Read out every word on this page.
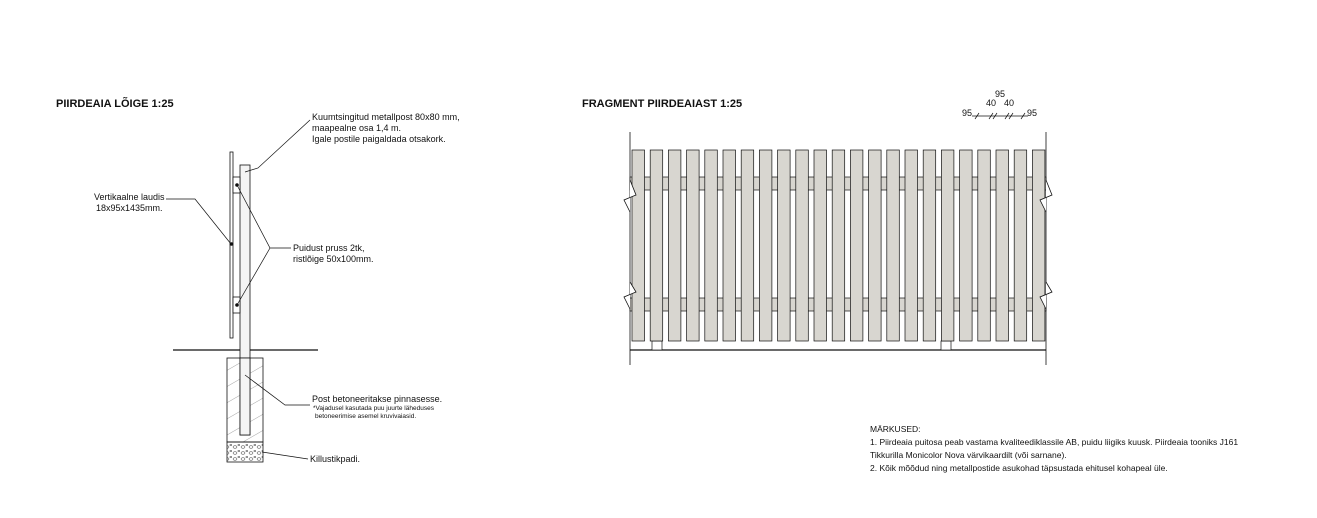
PIIRDEAIA LÕIGE 1:25
Kuumtsingitud metallpost 80x80 mm,
maapealne osa 1,4 m.
Igale postile paigaldada otsakork.
Vertikaalne laudis
18x95x1435mm.
Puidust pruss 2tk,
ristlõige 50x100mm.
Post betoneeritakse pinnasesse.
*Vajadusel kasutada puu juurte läheduses
betoneerimise asemel kruvivaiasid.
Killustikpadi.
FRAGMENT PIIRDEAIAST 1:25
95
40 40
95	95
MÄRKUSED:
1. Piirdeaia puitosa peab vastama kvaliteediklassile AB, puidu liigiks kuusk. Piirdeaia tooniks J161
Tikkurilla Monicolor Nova värvikaardilt (või sarnane).
2. Kõik mõõdud ning metallpostide asukohad täpsustada ehitusel kohapeal üle.
